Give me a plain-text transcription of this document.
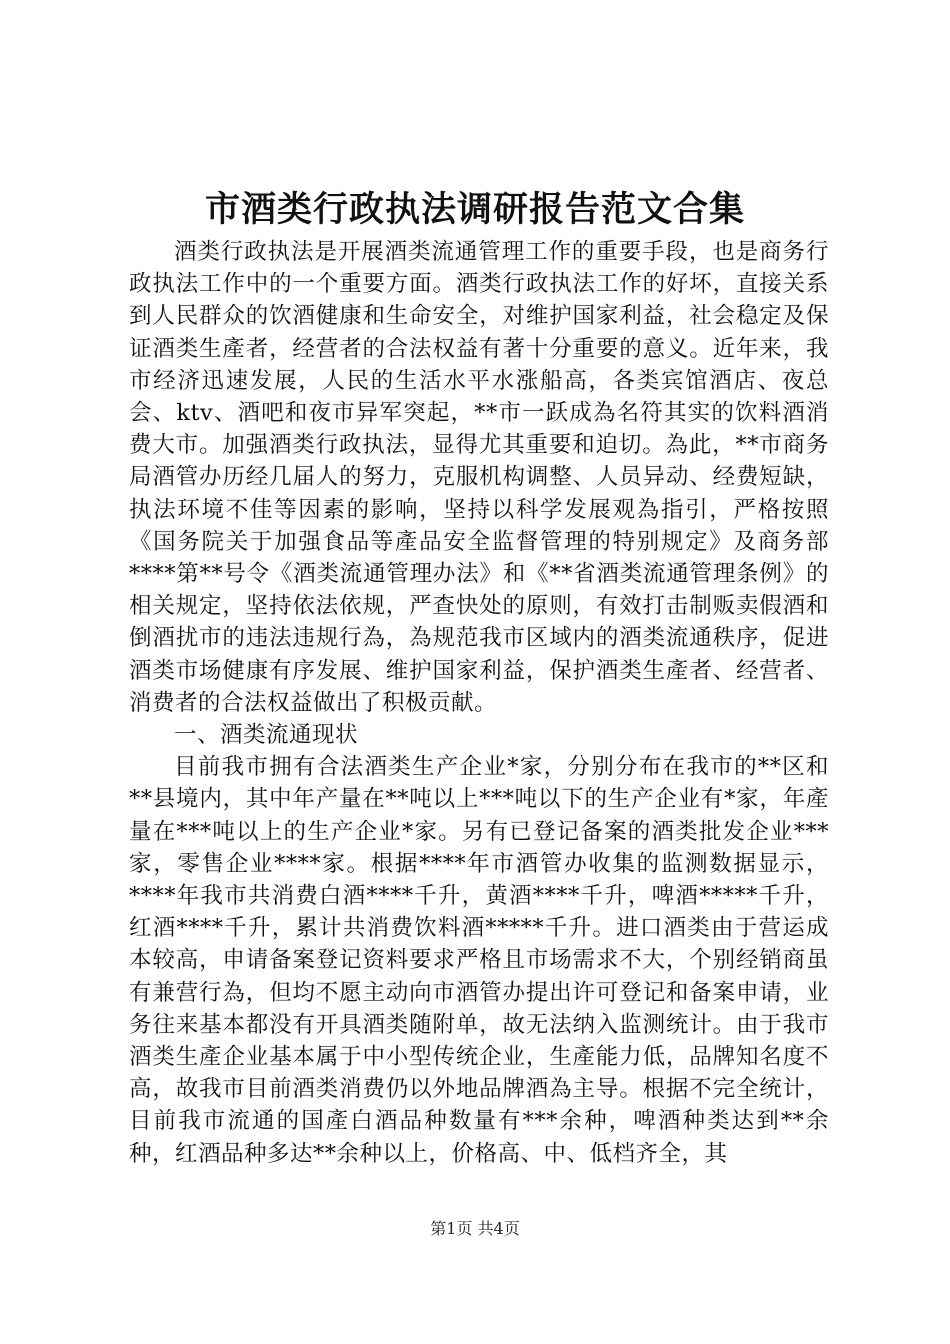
市酒类行政执法调研报告范文合集

酒类行政执法是开展酒类流通管理工作的重要手段，也是商务行政执法工作中的一个重要方面。酒类行政执法工作的好坏，直接关系到人民群众的饮酒健康和生命安全，对维护国家利益，社会稳定及保证酒类生產者，经营者的合法权益有著十分重要的意义。近年来，我市经济迅速发展，人民的生活水平水涨船高，各类宾馆酒店、夜总会、ktv、酒吧和夜市异军突起，**市一跃成為名符其实的饮料酒消费大市。加强酒类行政执法，显得尤其重要和迫切。為此，**市商务局酒管办历经几届人的努力，克服机构调整、人员异动、经费短缺，执法环境不佳等因素的影响，坚持以科学发展观為指引，严格按照《国务院关于加强食品等產品安全监督管理的特别规定》及商务部****第**号令《酒类流通管理办法》和《**省酒类流通管理条例》的相关规定，坚持依法依规，严查快处的原则，有效打击制贩卖假酒和倒酒扰市的违法违规行為，為规范我市区域内的酒类流通秩序，促进酒类市场健康有序发展、维护国家利益，保护酒类生產者、经营者、消费者的合法权益做出了积极贡献。

一、酒类流通现状

目前我市拥有合法酒类生产企业*家，分别分布在我市的**区和**县境内，其中年产量在**吨以上***吨以下的生产企业有*家，年產量在***吨以上的生产企业*家。另有已登记备案的酒类批发企业***家，零售企业****家。根据****年市酒管办收集的监测数据显示，****年我市共消费白酒****千升，黄酒****千升，啤酒*****千升，红酒****千升，累计共消费饮料酒*****千升。进口酒类由于营运成本较高，申请备案登记资料要求严格且市场需求不大，个别经销商虽有兼营行為，但均不愿主动向市酒管办提出许可登记和备案申请，业务往来基本都没有开具酒类随附单，故无法纳入监测统计。由于我市酒类生產企业基本属于中小型传统企业，生產能力低，品牌知名度不高，故我市目前酒类消费仍以外地品牌酒為主导。根据不完全统计，目前我市流通的国產白酒品种数量有***余种，啤酒种类达到**余种，红酒品种多达**余种以上，价格高、中、低档齐全，其

第1页 共4页
